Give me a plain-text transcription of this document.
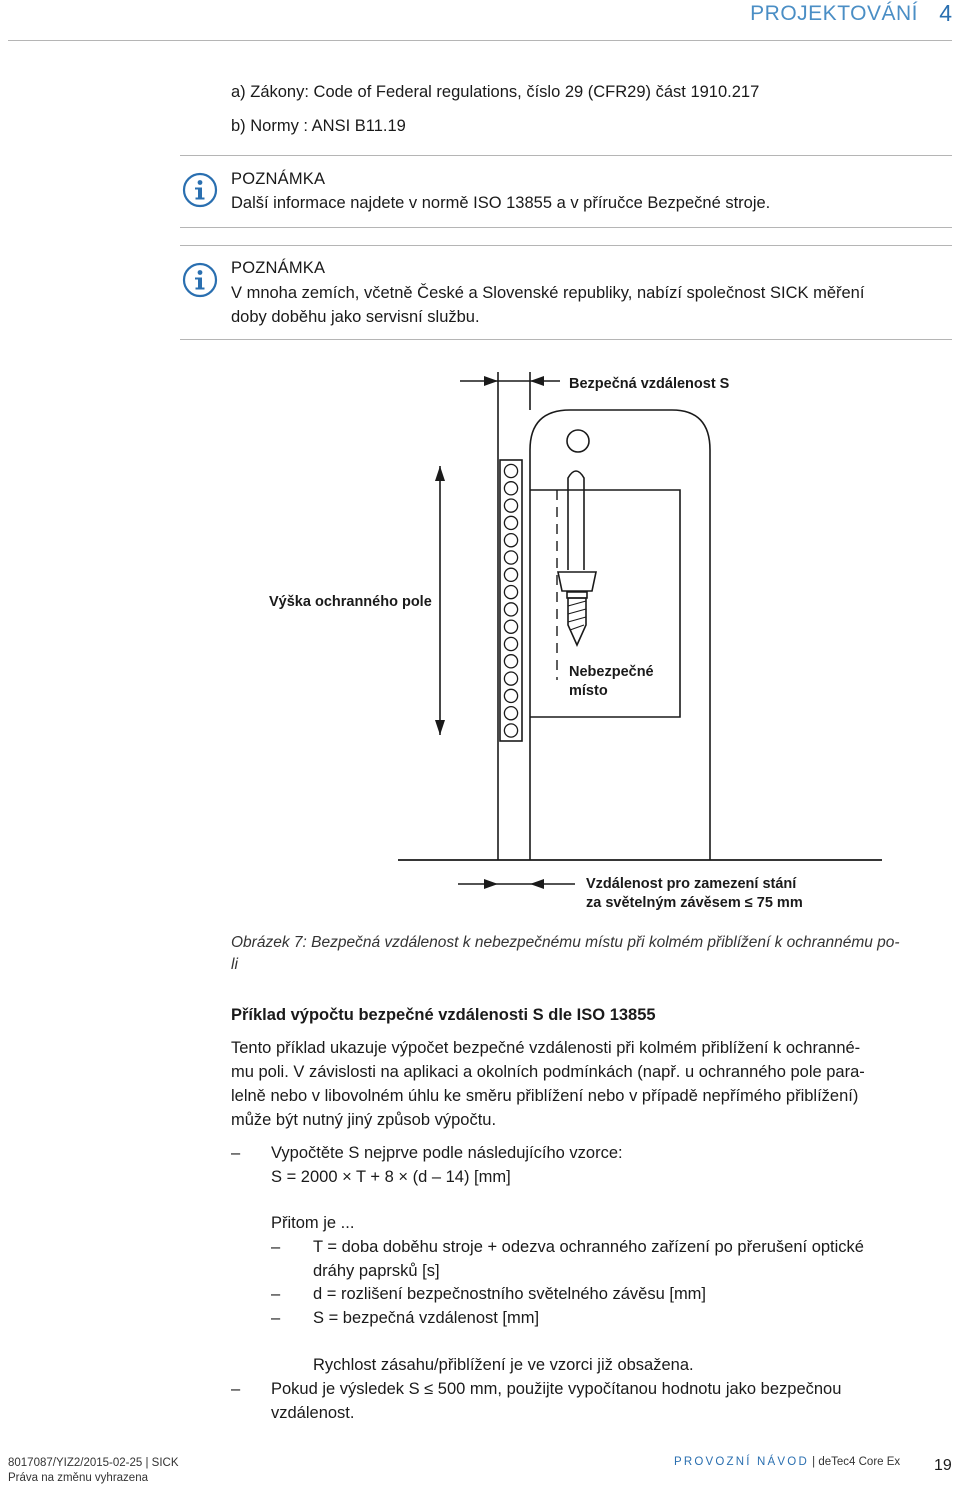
PROJEKTOVÁNÍ 4
a) Zákony: Code of Federal regulations, číslo 29 (CFR29) část 1910.217
b) Normy : ANSI B11.19
POZNÁMKA
Další informace najdete v normě ISO 13855 a v příručce Bezpečné stroje.
POZNÁMKA
V mnoha zemích, včetně České a Slovenské republiky, nabízí společnost SICK měření
doby doběhu jako servisní službu.
Bezpečná vzdálenost S
Nebezpečné
místo
Výška ochranného pole
Vzdálenost pro zamezení stání
za světelným závěsem ≤ 75 mm
Obrázek 7: Bezpečná vzdálenost k nebezpečnému místu při kolmém přiblížení k ochrannému po-
li
Příklad výpočtu bezpečné vzdálenosti S dle ISO 13855
Tento příklad ukazuje výpočet bezpečné vzdálenosti při kolmém přiblížení k ochranné-
mu poli. V závislosti na aplikaci a okolních podmínkách (např. u ochranného pole para-
lelně nebo v libovolném úhlu ke směru přiblížení nebo v případě nepřímého přiblížení)
může být nutný jiný způsob výpočtu.
– Vypočtěte S nejprve podle následujícího vzorce:
S = 2000 × T + 8 × (d – 14) [mm]
Přitom je ...
– T = doba doběhu stroje + odezva ochranného zařízení po přerušení optické
dráhy paprsků [s]
– d = rozlišení bezpečnostního světelného závěsu [mm]
– S = bezpečná vzdálenost [mm]
Rychlost zásahu/přiblížení je ve vzorci již obsažena.
– Pokud je výsledek S ≤ 500 mm, použijte vypočítanou hodnotu jako bezpečnou
vzdálenost.
8017087/YIZ2/2015-02-25 | SICK
Práva na změnu vyhrazena
PROVOZNÍ NÁVOD | deTec4 Core Ex 19
